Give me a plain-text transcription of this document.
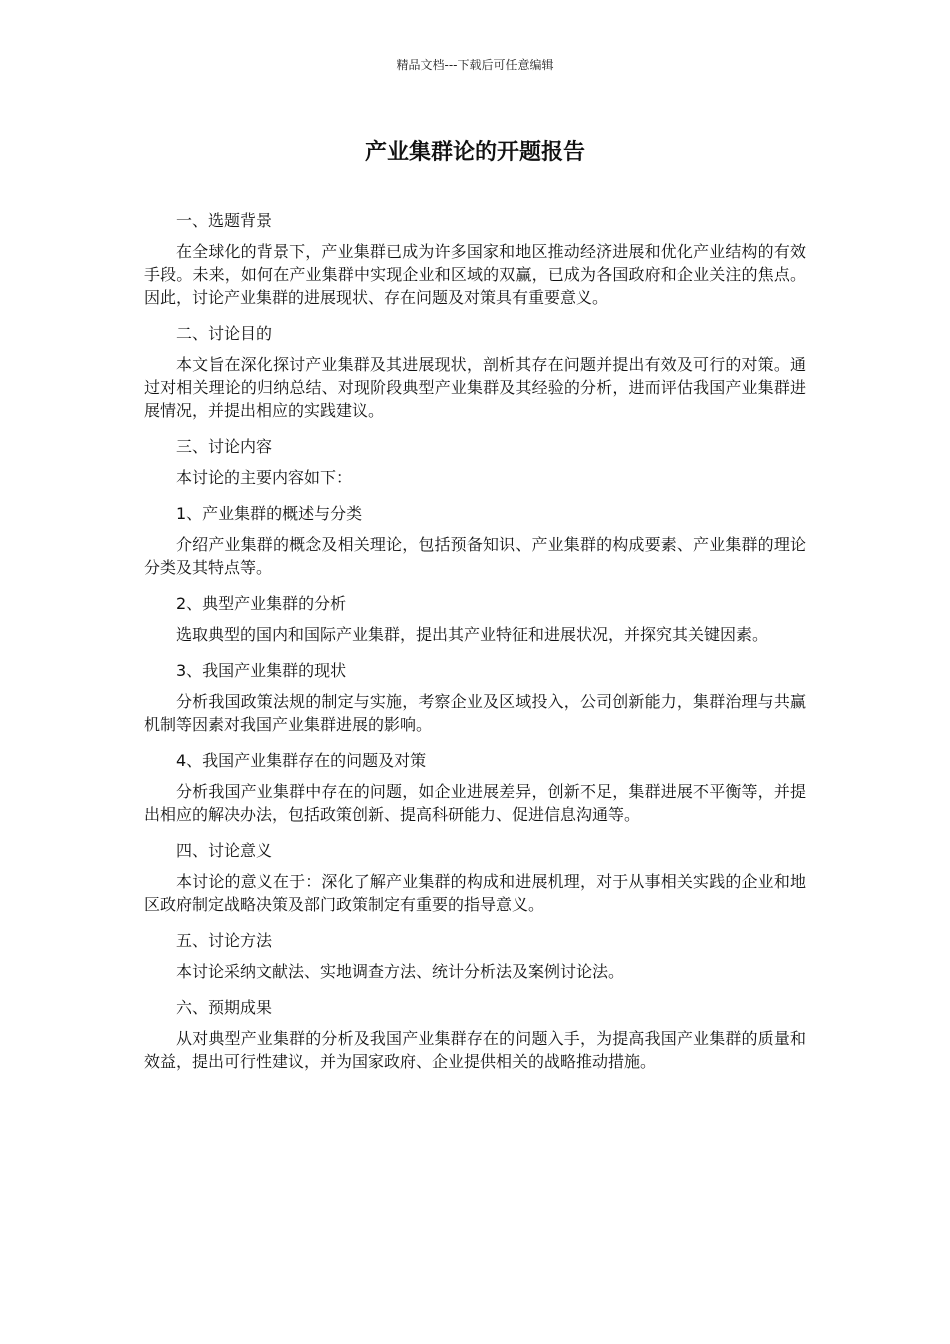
精品文档---下载后可任意编辑
产业集群论的开题报告

一、选题背景

在全球化的背景下，产业集群已成为许多国家和地区推动经济进展和优化产业结构的有效手段。未来，如何在产业集群中实现企业和区域的双赢，已成为各国政府和企业关注的焦点。因此，讨论产业集群的进展现状、存在问题及对策具有重要意义。

二、讨论目的

本文旨在深化探讨产业集群及其进展现状，剖析其存在问题并提出有效及可行的对策。通过对相关理论的归纳总结、对现阶段典型产业集群及其经验的分析，进而评估我国产业集群进展情况，并提出相应的实践建议。

三、讨论内容

本讨论的主要内容如下：

1、产业集群的概述与分类

介绍产业集群的概念及相关理论，包括预备知识、产业集群的构成要素、产业集群的理论分类及其特点等。

2、典型产业集群的分析

选取典型的国内和国际产业集群，提出其产业特征和进展状况，并探究其关键因素。

3、我国产业集群的现状

分析我国政策法规的制定与实施，考察企业及区域投入，公司创新能力，集群治理与共赢机制等因素对我国产业集群进展的影响。

4、我国产业集群存在的问题及对策

分析我国产业集群中存在的问题，如企业进展差异，创新不足，集群进展不平衡等，并提出相应的解决办法，包括政策创新、提高科研能力、促进信息沟通等。

四、讨论意义

本讨论的意义在于：深化了解产业集群的构成和进展机理，对于从事相关实践的企业和地区政府制定战略决策及部门政策制定有重要的指导意义。

五、讨论方法

本讨论采纳文献法、实地调查方法、统计分析法及案例讨论法。

六、预期成果

从对典型产业集群的分析及我国产业集群存在的问题入手，为提高我国产业集群的质量和效益，提出可行性建议，并为国家政府、企业提供相关的战略推动措施。
